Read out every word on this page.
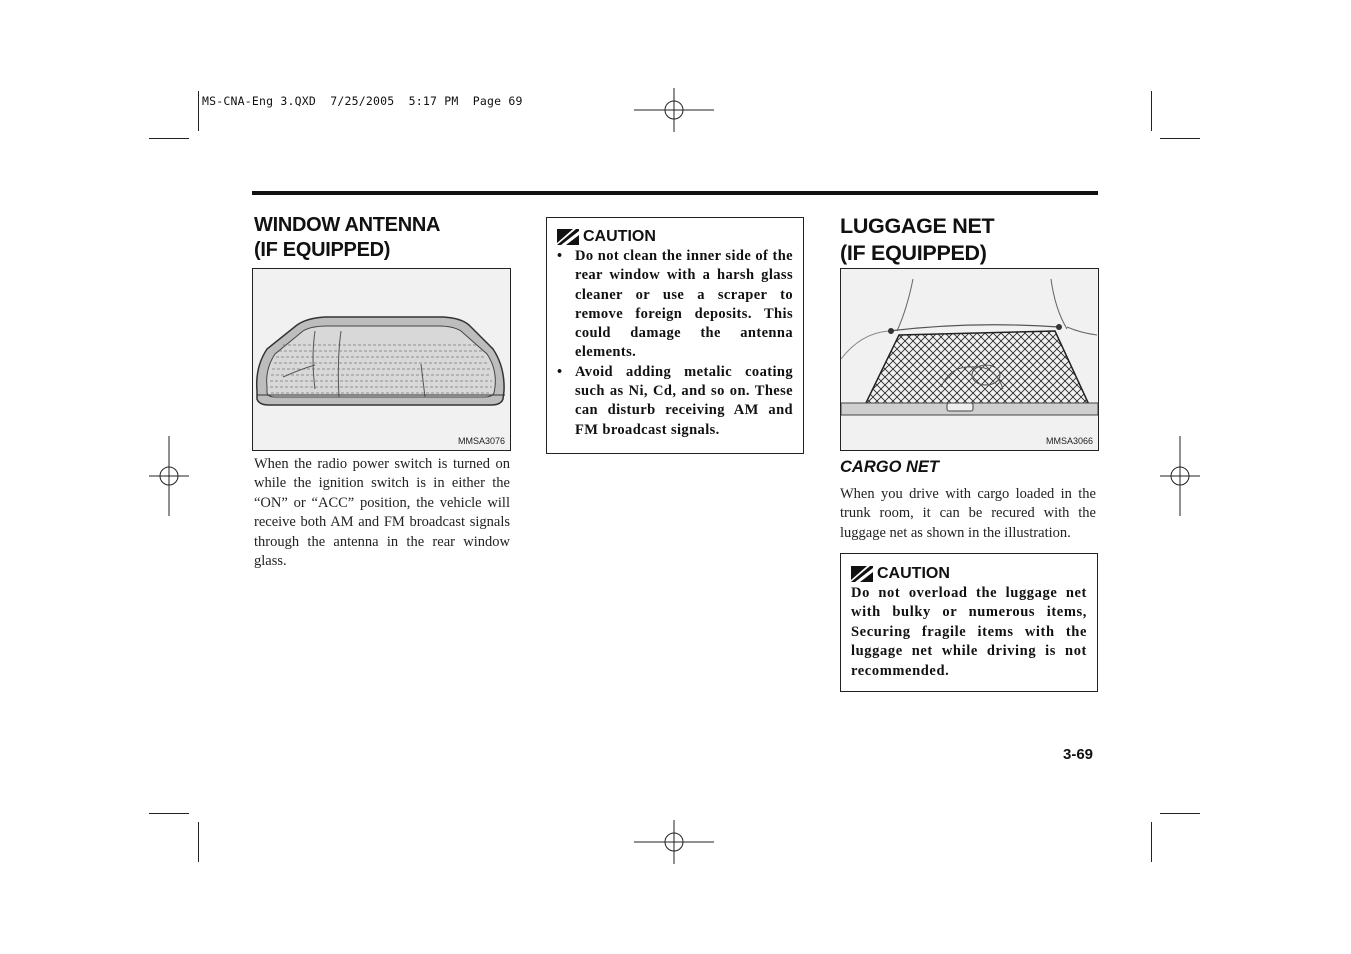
MS-CNA-Eng 3.QXD  7/25/2005  5:17 PM  Page 69
WINDOW ANTENNA
(IF EQUIPPED)
MMSA3076
When the radio power switch is turned on while the ignition switch is in either the “ON” or “ACC” position, the vehicle will receive both AM and FM broadcast signals through the antenna in the rear window glass.
CAUTION
• Do not clean the inner side of the rear window with a harsh glass cleaner or use a scraper to remove foreign deposits. This could damage the antenna elements.
• Avoid adding metalic coating such as Ni, Cd, and so on. These can disturb receiving AM and FM broadcast signals.
LUGGAGE NET
(IF EQUIPPED)
MMSA3066
CARGO NET
When you drive with cargo loaded in the trunk room, it can be recured with the luggage net as shown in the illustration.
CAUTION
Do not overload the luggage net with bulky or numerous items, Securing fragile items with the luggage net while driving is not recommended.
3-69
